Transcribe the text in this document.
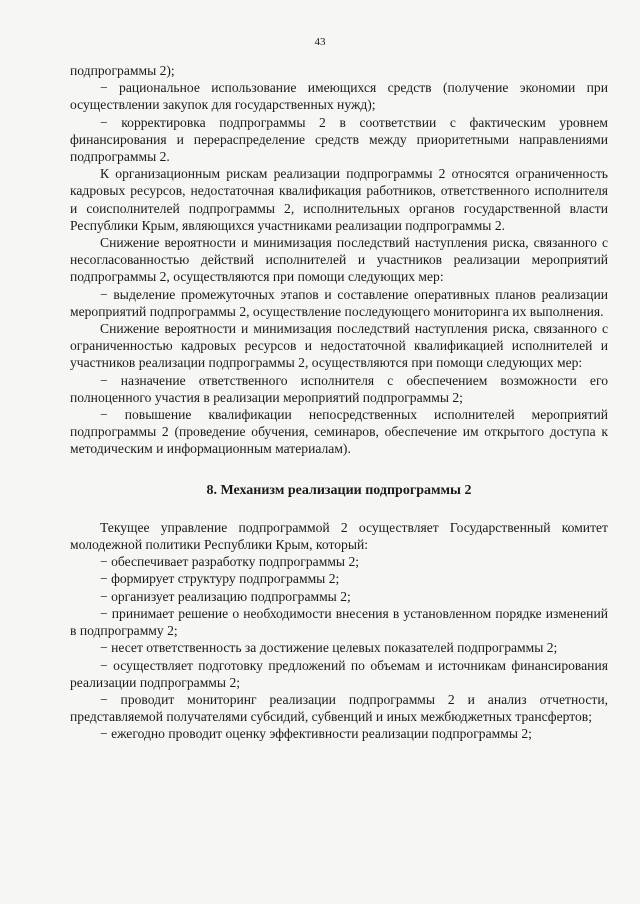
43

подпрограммы 2);

− рациональное использование имеющихся средств (получение экономии при осуществлении закупок для государственных нужд);

− корректировка подпрограммы 2 в соответствии с фактическим уровнем финансирования и перераспределение средств между приоритетными направлениями подпрограммы 2.

К организационным рискам реализации подпрограммы 2 относятся ограниченность кадровых ресурсов, недостаточная квалификация работников, ответственного исполнителя и соисполнителей подпрограммы 2, исполнительных органов государственной власти Республики Крым, являющихся участниками реализации подпрограммы 2.

Снижение вероятности и минимизация последствий наступления риска, связанного с несогласованностью действий исполнителей и участников реализации мероприятий подпрограммы 2, осуществляются при помощи следующих мер:

− выделение промежуточных этапов и составление оперативных планов реализации мероприятий подпрограммы 2, осуществление последующего мониторинга их выполнения.

Снижение вероятности и минимизация последствий наступления риска, связанного с ограниченностью кадровых ресурсов и недостаточной квалификацией исполнителей и участников реализации подпрограммы 2, осуществляются при помощи следующих мер:

− назначение ответственного исполнителя с обеспечением возможности его полноценного участия в реализации мероприятий подпрограммы 2;

− повышение квалификации непосредственных исполнителей мероприятий подпрограммы 2 (проведение обучения, семинаров, обеспечение им открытого доступа к методическим и информационным материалам).

8. Механизм реализации подпрограммы 2

Текущее управление подпрограммой 2 осуществляет Государственный комитет молодежной политики Республики Крым, который:

− обеспечивает разработку подпрограммы 2;

− формирует структуру подпрограммы 2;

− организует реализацию подпрограммы 2;

− принимает решение о необходимости внесения в установленном порядке изменений в подпрограмму 2;

− несет ответственность за достижение целевых показателей подпрограммы 2;

− осуществляет подготовку предложений по объемам и источникам финансирования реализации подпрограммы 2;

− проводит мониторинг реализации подпрограммы 2 и анализ отчетности, представляемой получателями субсидий, субвенций и иных межбюджетных трансфертов;

− ежегодно проводит оценку эффективности реализации подпрограммы 2;
